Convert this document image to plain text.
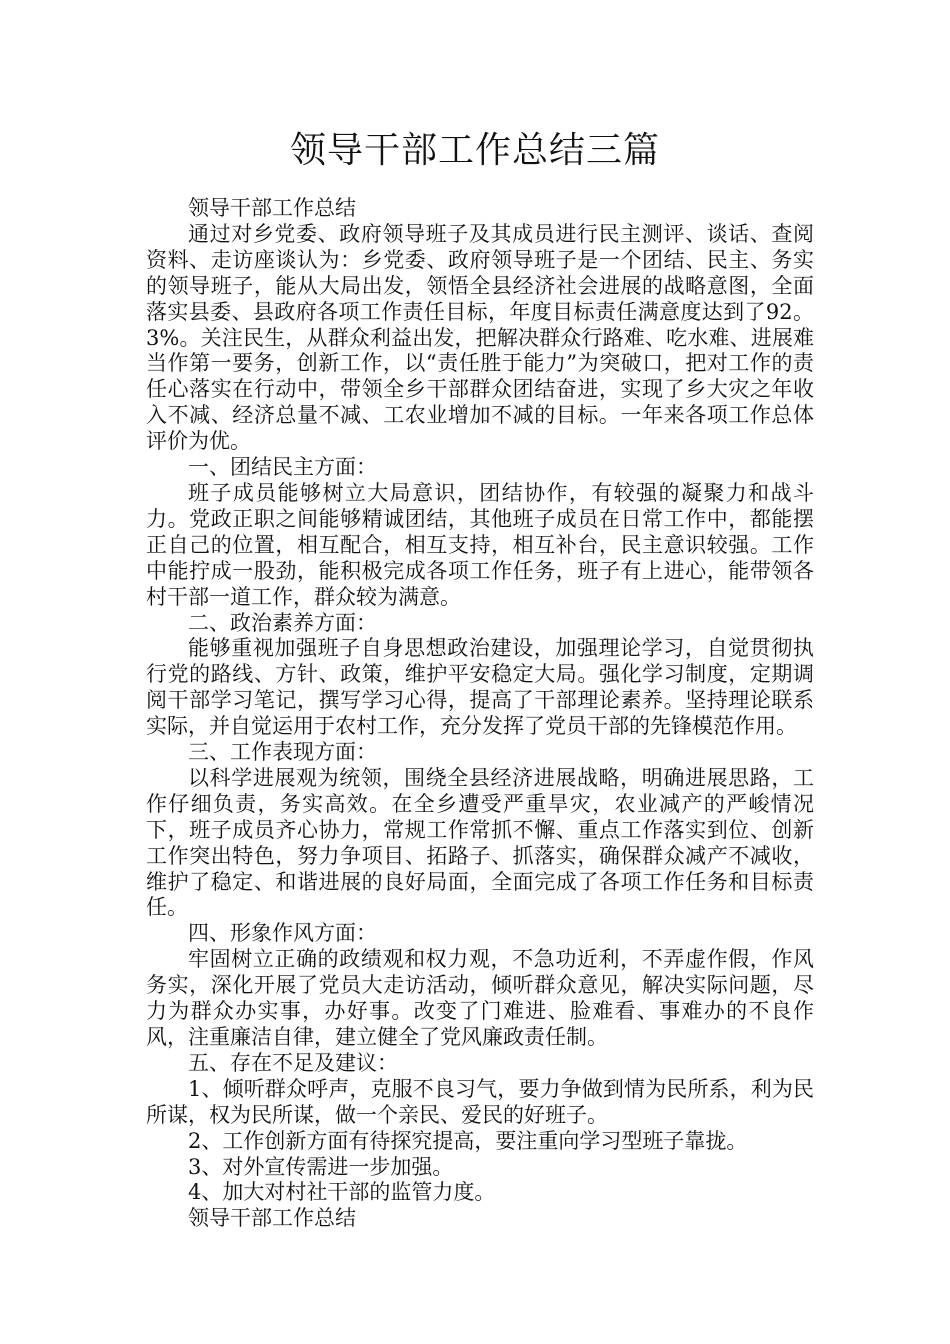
领导干部工作总结三篇

领导干部工作总结

通过对乡党委、政府领导班子及其成员进行民主测评、谈话、查阅资料、走访座谈认为：乡党委、政府领导班子是一个团结、民主、务实的领导班子，能从大局出发，领悟全县经济社会进展的战略意图，全面落实县委、县政府各项工作责任目标，年度目标责任满意度达到了92。3%。关注民生，从群众利益出发，把解决群众行路难、吃水难、进展难当作第一要务，创新工作，以“责任胜于能力”为突破口，把对工作的责任心落实在行动中，带领全乡干部群众团结奋进，实现了乡大灾之年收入不减、经济总量不减、工农业增加不减的目标。一年来各项工作总体评价为优。

一、团结民主方面：

班子成员能够树立大局意识，团结协作，有较强的凝聚力和战斗力。党政正职之间能够精诚团结，其他班子成员在日常工作中，都能摆正自己的位置，相互配合，相互支持，相互补台，民主意识较强。工作中能拧成一股劲，能积极完成各项工作任务，班子有上进心，能带领各村干部一道工作，群众较为满意。

二、政治素养方面：

能够重视加强班子自身思想政治建设，加强理论学习，自觉贯彻执行党的路线、方针、政策，维护平安稳定大局。强化学习制度，定期调阅干部学习笔记，撰写学习心得，提高了干部理论素养。坚持理论联系实际，并自觉运用于农村工作，充分发挥了党员干部的先锋模范作用。

三、工作表现方面：

以科学进展观为统领，围绕全县经济进展战略，明确进展思路，工作仔细负责，务实高效。在全乡遭受严重旱灾，农业减产的严峻情况下，班子成员齐心协力，常规工作常抓不懈、重点工作落实到位、创新工作突出特色，努力争项目、拓路子、抓落实，确保群众减产不减收，维护了稳定、和谐进展的良好局面，全面完成了各项工作任务和目标责任。

四、形象作风方面：

牢固树立正确的政绩观和权力观，不急功近利，不弄虚作假，作风务实，深化开展了党员大走访活动，倾听群众意见，解决实际问题，尽力为群众办实事，办好事。改变了门难进、脸难看、事难办的不良作风，注重廉洁自律，建立健全了党风廉政责任制。

五、存在不足及建议：

1、倾听群众呼声，克服不良习气，要力争做到情为民所系，利为民所谋，权为民所谋，做一个亲民、爱民的好班子。

2、工作创新方面有待探究提高，要注重向学习型班子靠拢。

3、对外宣传需进一步加强。

4、加大对村社干部的监管力度。

领导干部工作总结
